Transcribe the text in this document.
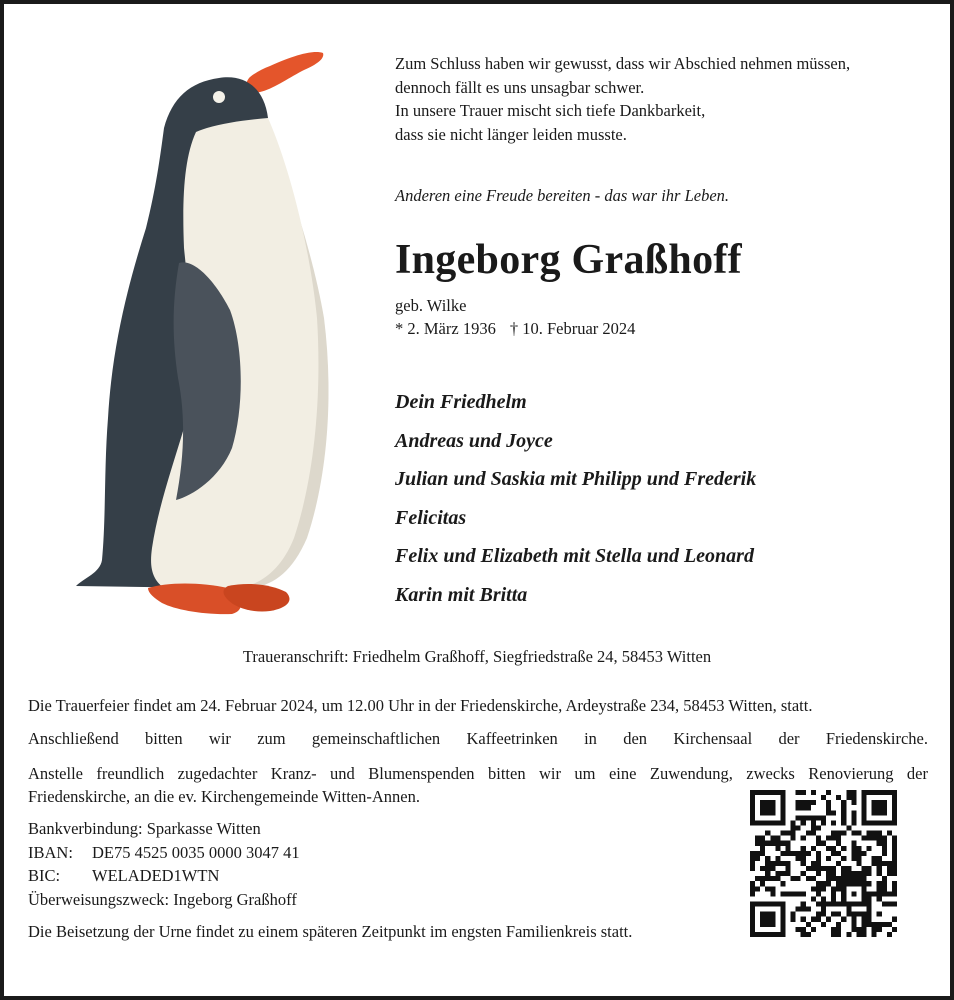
Zum Schluss haben wir gewusst, dass wir Abschied nehmen müssen,
dennoch fällt es uns unsagbar schwer.
In unsere Trauer mischt sich tiefe Dankbarkeit,
dass sie nicht länger leiden musste.
Anderen eine Freude bereiten - das war ihr Leben.
Ingeborg Graßhoff
geb. Wilke
* 2. März 1936 † 10. Februar 2024
Dein Friedhelm
Andreas und Joyce
Julian und Saskia mit Philipp und Frederik
Felicitas
Felix und Elizabeth mit Stella und Leonard
Karin mit Britta
Traueranschrift: Friedhelm Graßhoff, Siegfriedstraße 24, 58453 Witten
Die Trauerfeier findet am 24. Februar 2024, um 12.00 Uhr in der Friedenskirche, Ardeystraße 234, 58453 Witten, statt.
Anschließend bitten wir zum gemeinschaftlichen Kaffeetrinken in den Kirchensaal der Friedenskirche.
Anstelle freundlich zugedachter Kranz- und Blumenspenden bitten wir um eine Zuwendung, zwecks Renovierung der
Friedenskirche, an die ev. Kirchengemeinde Witten-Annen.
Bankverbindung: Sparkasse Witten
IBAN: DE75 4525 0035 0000 3047 41
BIC: WELADED1WTN
Überweisungszweck: Ingeborg Graßhoff
Die Beisetzung der Urne findet zu einem späteren Zeitpunkt im engsten Familienkreis statt.
